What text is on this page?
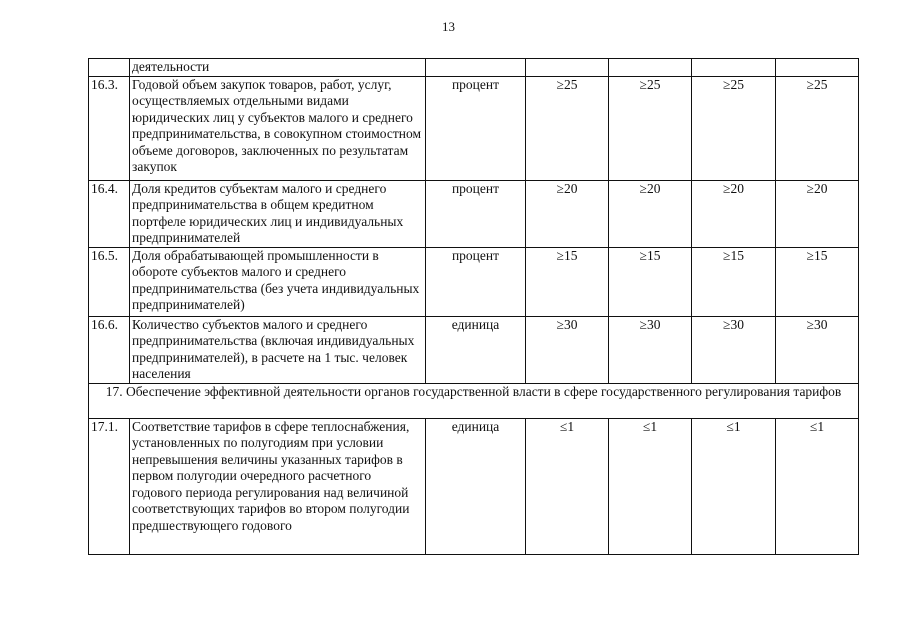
13
	деятельности					
16.3.	Годовой объем закупок товаров, работ, услуг, осуществляемых отдельными видами юридических лиц у субъектов малого и среднего предпринимательства, в совокупном стоимостном объеме договоров, заключенных по результатам закупок	процент	≥25	≥25	≥25	≥25
16.4.	Доля кредитов субъектам малого и среднего предпринимательства в общем кредитном портфеле юридических лиц и индивидуальных предпринимателей	процент	≥20	≥20	≥20	≥20
16.5.	Доля обрабатывающей промышленности в обороте субъектов малого и среднего предпринимательства (без учета индивидуальных предпринимателей)	процент	≥15	≥15	≥15	≥15
16.6.	Количество субъектов малого и среднего предпринимательства (включая индивидуальных предпринимателей), в расчете на 1 тыс. человек населения	единица	≥30	≥30	≥30	≥30
17. Обеспечение эффективной деятельности органов государственной власти в сфере государственного регулирования тарифов						
17.1.	Соответствие тарифов в сфере теплоснабжения, установленных по полугодиям при условии непревышения величины указанных тарифов в первом полугодии очередного расчетного годового периода регулирования над величиной соответствующих тарифов во втором полугодии предшествующего годового	единица	≤1	≤1	≤1	≤1
